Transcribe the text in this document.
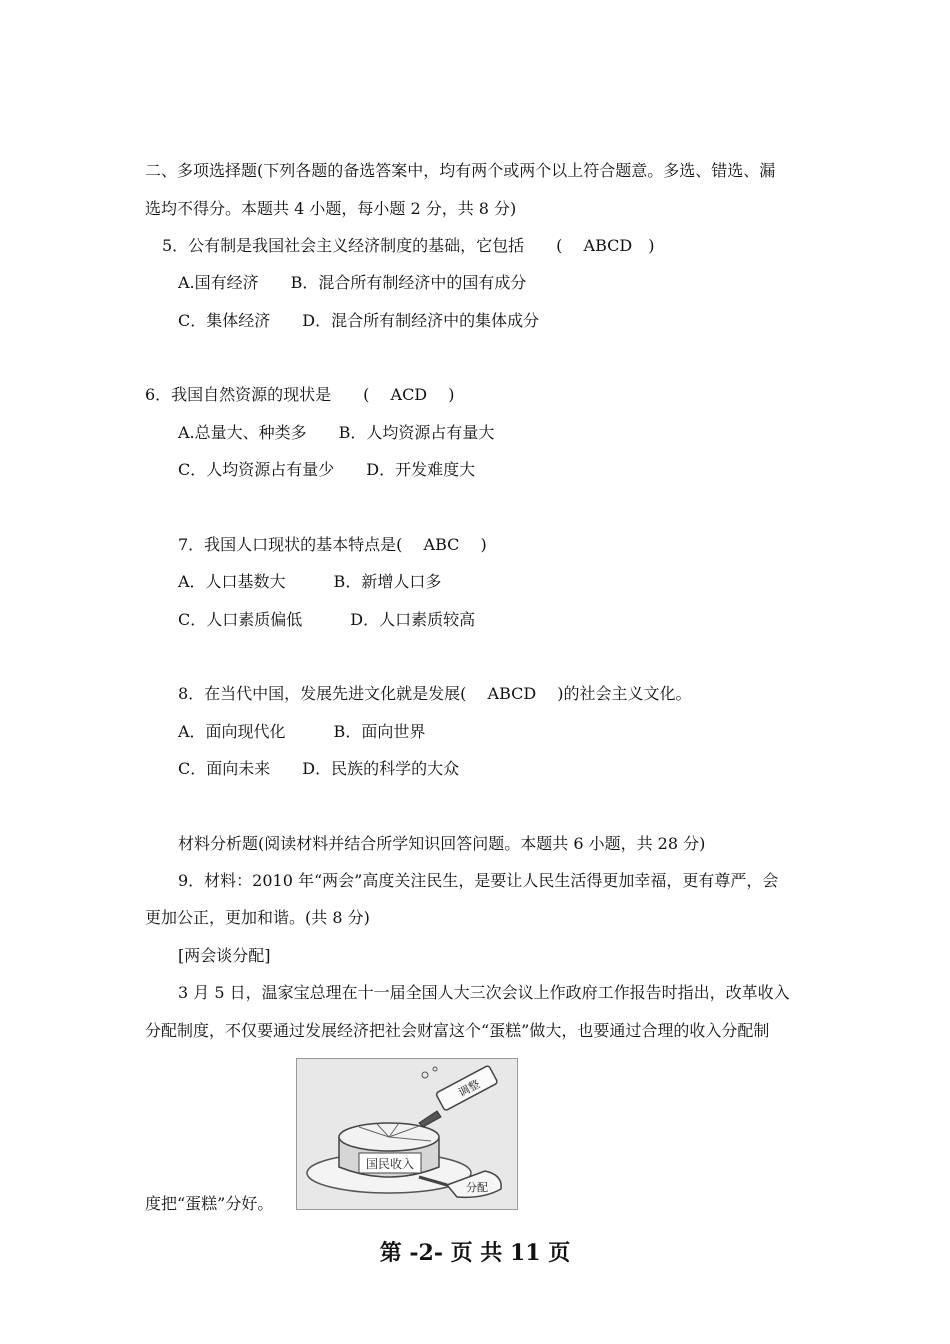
二、多项选择题(下列各题的备选答案中，均有两个或两个以上符合题意。多选、错选、漏
选均不得分。本题共 4 小题，每小题 2 分，共 8 分)
5．公有制是我国社会主义经济制度的基础，它包括　　(　 ABCD　)
A.国有经济　　B．混合所有制经济中的国有成分
C．集体经济　　D．混合所有制经济中的集体成分
6．我国自然资源的现状是　　(　 ACD　 )
A.总量大、种类多　　B．人均资源占有量大
C．人均资源占有量少　　D．开发难度大
7．我国人口现状的基本特点是(　 ABC　 )
A．人口基数大　　　B．新增人口多
C．人口素质偏低　　　D．人口素质较高
8．在当代中国，发展先进文化就是发展(　 ABCD　 )的社会主义文化。
A．面向现代化　　　B．面向世界
C．面向未来　　D．民族的科学的大众
材料分析题(阅读材料并结合所学知识回答问题。本题共 6 小题，共 28 分)
9．材料：2010 年“两会”高度关注民生，是要让人民生活得更加幸福，更有尊严，会
更加公正，更加和谐。(共 8 分)
[两会谈分配]
3 月 5 日，温家宝总理在十一届全国人大三次会议上作政府工作报告时指出，改革收入
分配制度，不仅要通过发展经济把社会财富这个“蛋糕”做大，也要通过合理的收入分配制
度把“蛋糕”分好。
国民收入
调整
分配
第 -2- 页 共 11 页
